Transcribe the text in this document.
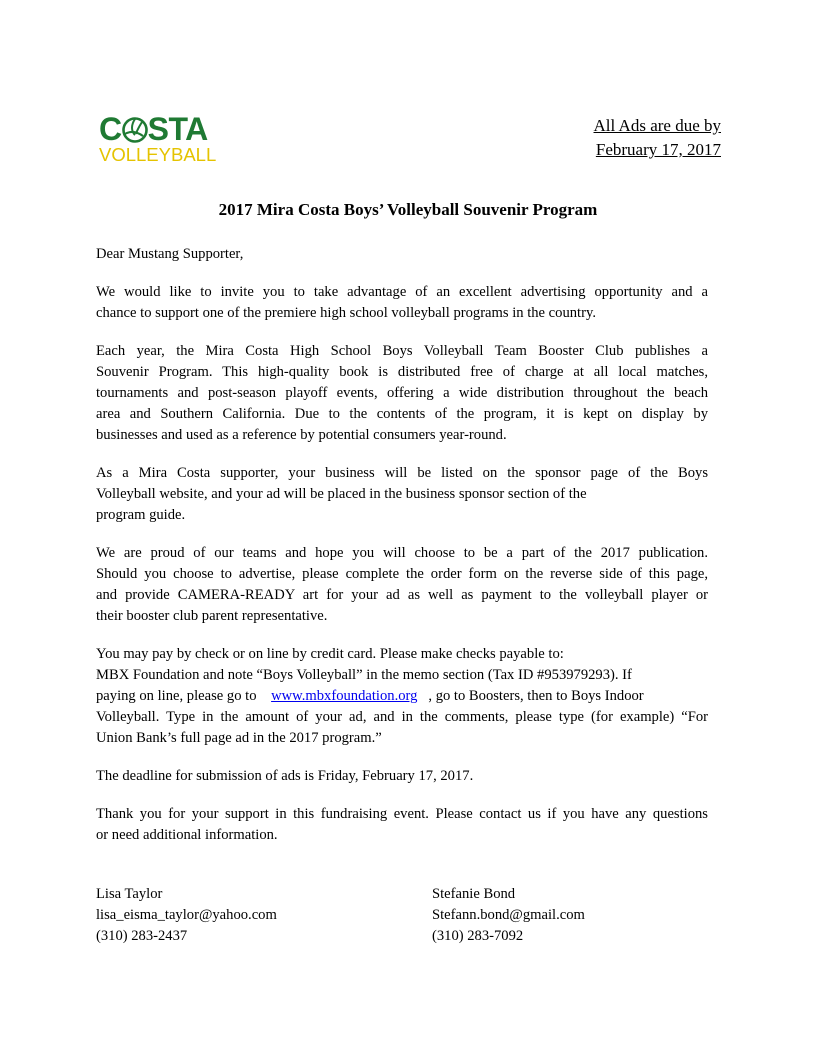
C STA
VOLLEYBALL
All Ads are due by
February 17, 2017
2017 Mira Costa Boys’ Volleyball Souvenir Program

Dear Mustang Supporter,

We would like to invite you to take advantage of an excellent advertising opportunity and a
chance to support one of the premiere high school volleyball programs in the country.

Each year, the Mira Costa High School Boys Volleyball Team Booster Club publishes a
Souvenir Program. This high-quality book is distributed free of charge at all local matches,
tournaments and post-season playoff events, offering a wide distribution throughout the beach
area and Southern California. Due to the contents of the program, it is kept on display by
businesses and used as a reference by potential consumers year-round.

As a Mira Costa supporter, your business will be listed on the sponsor page of the Boys
Volleyball website, and your ad will be placed in the business sponsor section of the
program guide.

We are proud of our teams and hope you will choose to be a part of the 2017 publication.
Should you choose to advertise, please complete the order form on the reverse side of this page,
and provide CAMERA-READY art for your ad as well as payment to the volleyball player or
their booster club parent representative.

You may pay by check or on line by credit card. Please make checks payable to:
MBX Foundation and note “Boys Volleyball” in the memo section (Tax ID #953979293). If
paying on line, please go to www.mbxfoundation.org , go to Boosters, then to Boys Indoor
Volleyball. Type in the amount of your ad, and in the comments, please type (for example) “For
Union Bank’s full page ad in the 2017 program.”

The deadline for submission of ads is Friday, February 17, 2017.

Thank you for your support in this fundraising event. Please contact us if you have any questions
or need additional information.

Lisa Taylor
lisa_eisma_taylor@yahoo.com
(310) 283-2437
Stefanie Bond
Stefann.bond@gmail.com
(310) 283-7092
